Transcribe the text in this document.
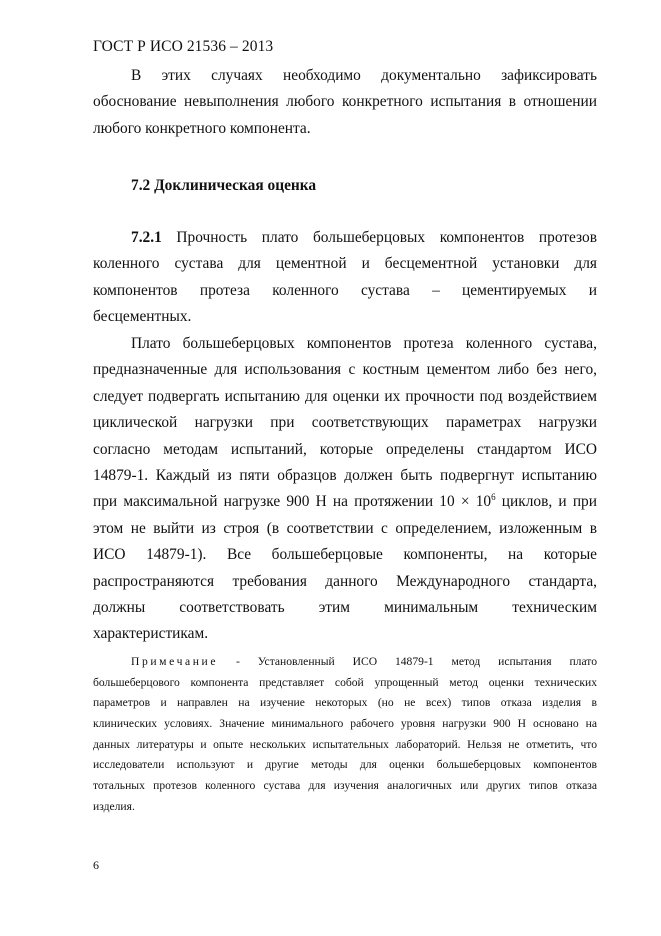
ГОСТ Р ИСО 21536 – 2013
В этих случаях необходимо документально зафиксировать
обоснование невыполнения любого конкретного испытания в отношении
любого конкретного компонента.
7.2 Доклиническая оценка
7.2.1 Прочность плато большеберцовых компонентов протезов
коленного сустава для цементной и бесцементной установки для
компонентов протеза коленного сустава – цементируемых и
бесцементных.
Плато большеберцовых компонентов протеза коленного сустава,
предназначенные для использования с костным цементом либо без него,
следует подвергать испытанию для оценки их прочности под воздействием
циклической нагрузки при соответствующих параметрах нагрузки
согласно методам испытаний, которые определены стандартом ИСО
14879-1. Каждый из пяти образцов должен быть подвергнут испытанию
при максимальной нагрузке 900 Н на протяжении $10 \times 10^6$ циклов, и при
этом не выйти из строя (в соответствии с определением, изложенным в
ИСО 14879-1). Все большеберцовые компоненты, на которые
распространяются требования данного Международного стандарта,
должны соответствовать этим минимальным техническим
характеристикам.
Примечание - Установленный ИСО 14879-1 метод испытания плато
большеберцового компонента представляет собой упрощенный метод оценки технических
параметров и направлен на изучение некоторых (но не всех) типов отказа изделия в
клинических условиях. Значение минимального рабочего уровня нагрузки 900 Н основано на
данных литературы и опыте нескольких испытательных лабораторий. Нельзя не отметить, что
исследователи используют и другие методы для оценки большеберцовых компонентов
тотальных протезов коленного сустава для изучения аналогичных или других типов отказа
изделия.
6
